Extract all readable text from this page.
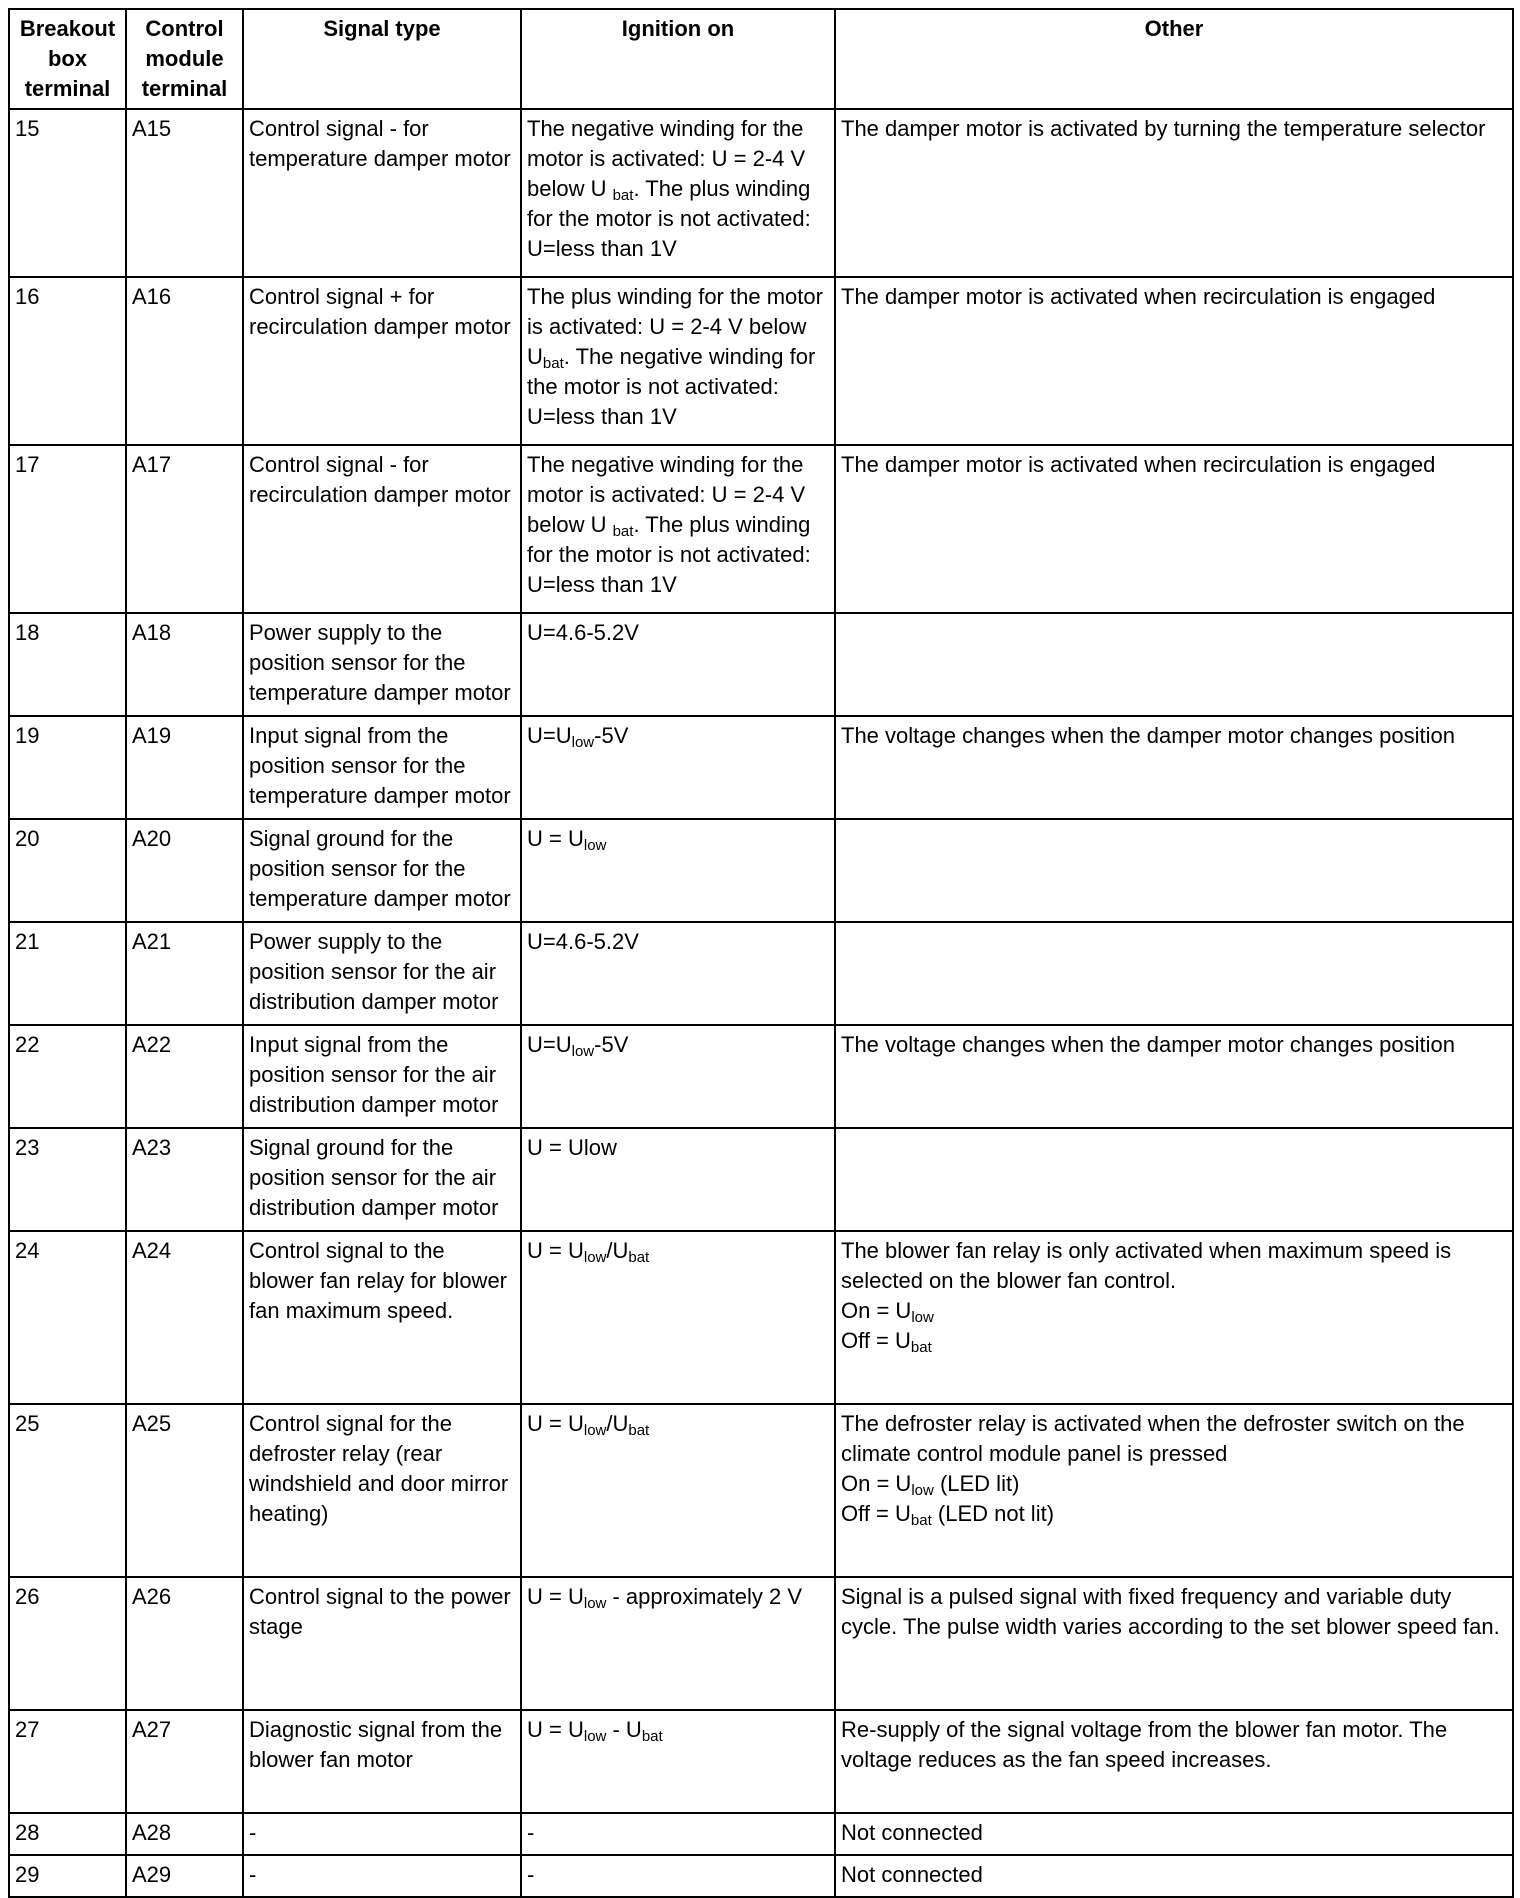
Breakout
box
terminal	Control
module
terminal	Signal type	Ignition on	Other
15	A15	Control signal - for temperature damper motor	The negative winding for the motor is activated: U = 2-4 V below U $_{bat}$. The plus winding for the motor is not activated: U=less than 1V	The damper motor is activated by turning the temperature selector
16	A16	Control signal + for recirculation damper motor	The plus winding for the motor is activated: U = 2-4 V below $U_{bat}$. The negative winding for the motor is not activated: U=less than 1V	The damper motor is activated when recirculation is engaged
17	A17	Control signal - for recirculation damper motor	The negative winding for the motor is activated: U = 2-4 V below U $_{bat}$. The plus winding for the motor is not activated: U=less than 1V	The damper motor is activated when recirculation is engaged
18	A18	Power supply to the position sensor for the temperature damper motor	U=4.6-5.2V	
19	A19	Input signal from the position sensor for the temperature damper motor	$U=U_{low}-5V$	The voltage changes when the damper motor changes position
20	A20	Signal ground for the position sensor for the temperature damper motor	$U = U_{low}$	
21	A21	Power supply to the position sensor for the air distribution damper motor	U=4.6-5.2V	
22	A22	Input signal from the position sensor for the air distribution damper motor	$U=U_{low}-5V$	The voltage changes when the damper motor changes position
23	A23	Signal ground for the position sensor for the air distribution damper motor	U = Ulow	
24	A24	Control signal to the blower fan relay for blower fan maximum speed.	$U = U_{low}/U_{bat}$	The blower fan relay is only activated when maximum speed is selected on the blower fan control.
$On = U_{low}$
Off = $U_{bat}$

25	A25	Control signal for the defroster relay (rear windshield and door mirror heating)	$U = U_{low}/U_{bat}$	The defroster relay is activated when the defroster switch on the climate control module panel is pressed
$On = U_{low}$ (LED lit)
Off = $U_{bat}$ (LED not lit)

26	A26	Control signal to the power stage	$U = U_{low}$ - approximately 2 V	Signal is a pulsed signal with fixed frequency and variable duty cycle. The pulse width varies according to the set blower speed fan.
27	A27	Diagnostic signal from the blower fan motor	$U = U_{low} - U_{bat}$	Re-supply of the signal voltage from the blower fan motor. The voltage reduces as the fan speed increases.
28	A28	-	-	Not connected
29	A29	-	-	Not connected
